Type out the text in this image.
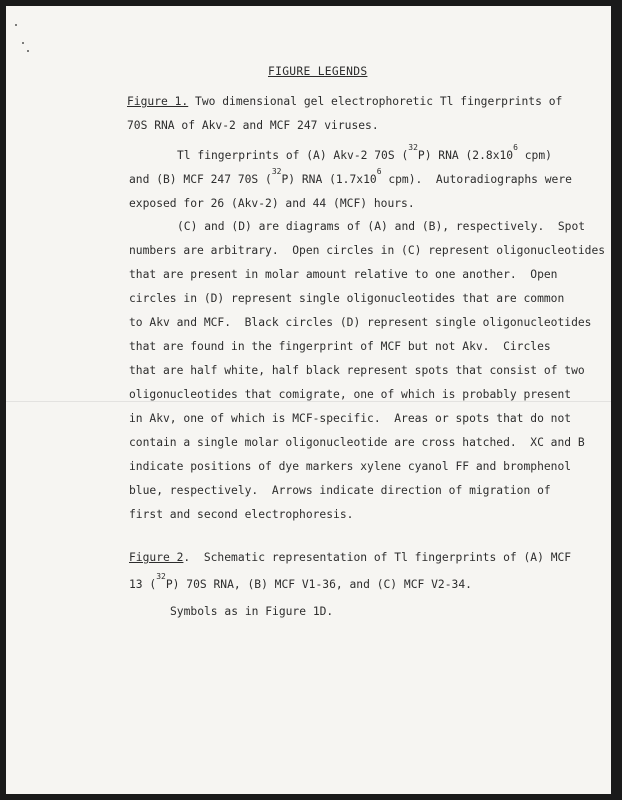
FIGURE LEGENDS
Figure 1. Two dimensional gel electrophoretic Tl fingerprints of
70S RNA of Akv-2 and MCF 247 viruses.
Tl fingerprints of (A) Akv-2 70S ($^{32}$P) RNA ($2.8x10^6$ cpm)
and (B) MCF 247 70S ($^{32}$P) RNA ($1.7x10^6$ cpm).  Autoradiographs were
exposed for 26 (Akv-2) and 44 (MCF) hours.
(C) and (D) are diagrams of (A) and (B), respectively.  Spot
numbers are arbitrary.  Open circles in (C) represent oligonucleotides
that are present in molar amount relative to one another.  Open
circles in (D) represent single oligonucleotides that are common
to Akv and MCF.  Black circles (D) represent single oligonucleotides
that are found in the fingerprint of MCF but not Akv.  Circles
that are half white, half black represent spots that consist of two
oligonucleotides that comigrate, one of which is probably present
in Akv, one of which is MCF-specific.  Areas or spots that do not
contain a single molar oligonucleotide are cross hatched.  XC and B
indicate positions of dye markers xylene cyanol FF and bromphenol
blue, respectively.  Arrows indicate direction of migration of
first and second electrophoresis.
Figure 2.  Schematic representation of Tl fingerprints of (A) MCF
13 ($^{32}$P) 70S RNA, (B) MCF V1-36, and (C) MCF V2-34.
Symbols as in Figure 1D.
